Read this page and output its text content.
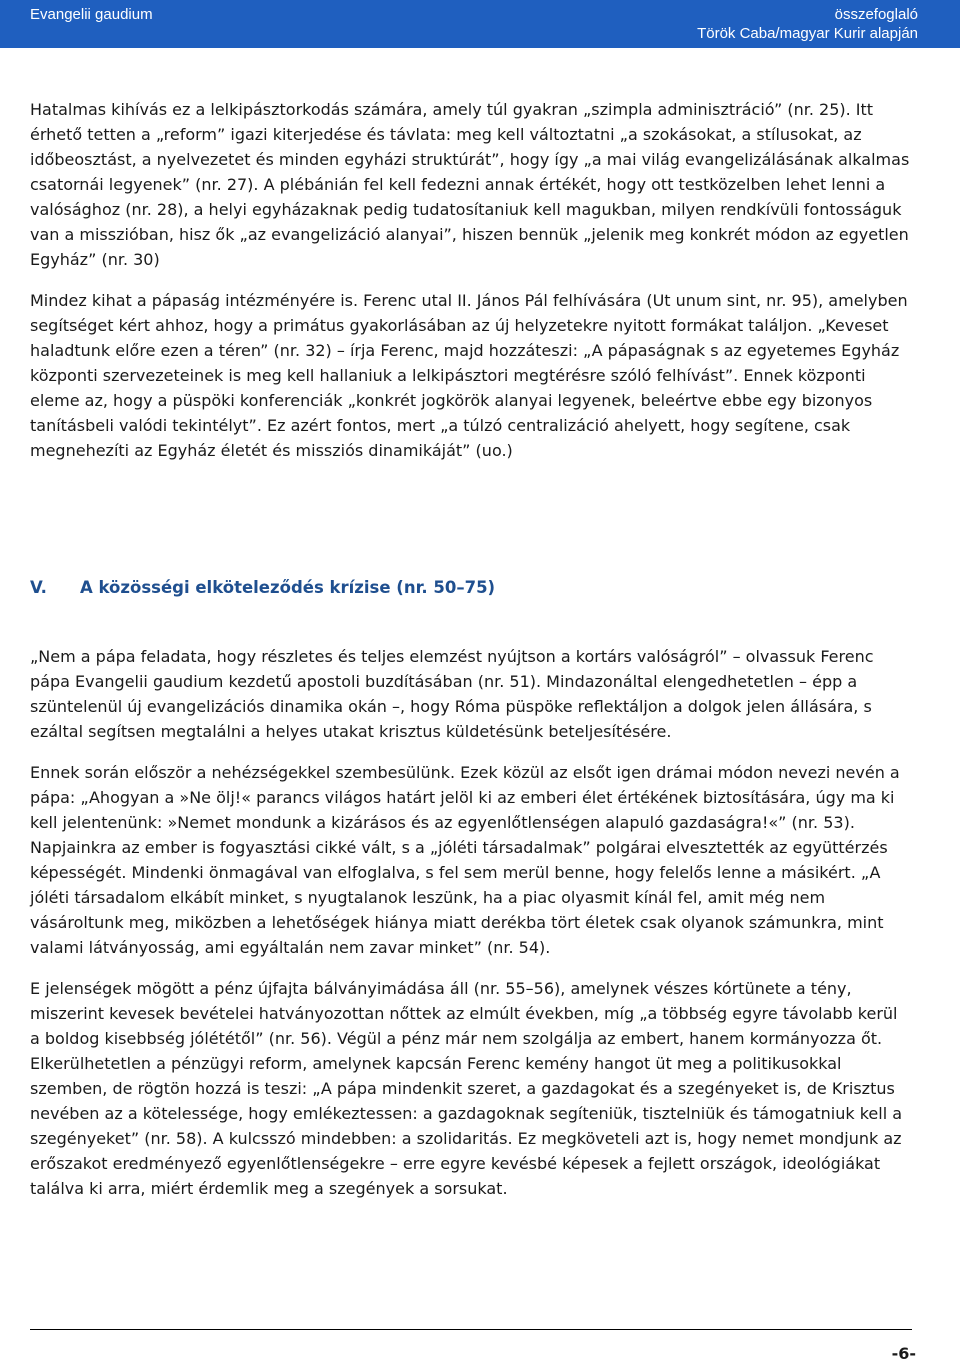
Evangelii gaudium	összefoglaló
Török Caba/magyar Kurir alapján

Hatalmas kihívás ez a lelkipásztorkodás számára, amely túl gyakran „szimpla adminisztráció” (nr. 25). Itt érhető tetten a „reform” igazi kiterjedése és távlata: meg kell változtatni „a szokásokat, a stílusokat, az időbeosztást, a nyelvezetet és minden egyházi struktúrát”, hogy így „a mai világ evangelizálásának alkalmas csatornái legyenek” (nr. 27). A plébánián fel kell fedezni annak értékét, hogy ott testközelben lehet lenni a valósághoz (nr. 28), a helyi egyházaknak pedig tudatosítaniuk kell magukban, milyen rendkívüli fontosságuk van a misszióban, hisz ők „az evangelizáció alanyai”, hiszen bennük „jelenik meg konkrét módon az egyetlen Egyház” (nr. 30)

Mindez kihat a pápaság intézményére is. Ferenc utal II. János Pál felhívására (Ut unum sint, nr. 95), amelyben segítséget kért ahhoz, hogy a primátus gyakorlásában az új helyzetekre nyitott formákat találjon. „Keveset haladtunk előre ezen a téren” (nr. 32) – írja Ferenc, majd hozzáteszi: „A pápaságnak s az egyetemes Egyház központi szervezeteinek is meg kell hallaniuk a lelkipásztori megtérésre szóló felhívást”. Ennek központi eleme az, hogy a püspöki konferenciák „konkrét jogkörök alanyai legyenek, beleértve ebbe egy bizonyos tanításbeli valódi tekintélyt”. Ez azért fontos, mert „a túlzó centralizáció ahelyett, hogy segítene, csak megnehezíti az Egyház életét és missziós dinamikáját” (uo.)

V. A közösségi elköteleződés krízise (nr. 50–75)

„Nem a pápa feladata, hogy részletes és teljes elemzést nyújtson a kortárs valóságról” – olvassuk Ferenc pápa Evangelii gaudium kezdetű apostoli buzdításában (nr. 51). Mindazonáltal elengedhetetlen – épp a szüntelenül új evangelizációs dinamika okán –, hogy Róma püspöke reflektáljon a dolgok jelen állására, s ezáltal segítsen megtalálni a helyes utakat krisztus küldetésünk beteljesítésére.

Ennek során először a nehézségekkel szembesülünk. Ezek közül az elsőt igen drámai módon nevezi nevén a pápa: „Ahogyan a »Ne ölj!« parancs világos határt jelöl ki az emberi élet értékének biztosítására, úgy ma ki kell jelentenünk: »Nemet mondunk a kizárásos és az egyenlőtlenségen alapuló gazdaságra!«” (nr. 53). Napjainkra az ember is fogyasztási cikké vált, s a „jóléti társadalmak” polgárai elvesztették az együttérzés képességét. Mindenki önmagával van elfoglalva, s fel sem merül benne, hogy felelős lenne a másikért. „A jóléti társadalom elkábít minket, s nyugtalanok leszünk, ha a piac olyasmit kínál fel, amit még nem vásároltunk meg, miközben a lehetőségek hiánya miatt derékba tört életek csak olyanok számunkra, mint valami látványosság, ami egyáltalán nem zavar minket” (nr. 54).

E jelenségek mögött a pénz újfajta bálványimádása áll (nr. 55–56), amelynek vészes kórtünete a tény, miszerint kevesek bevételei hatványozottan nőttek az elmúlt években, míg „a többség egyre távolabb kerül a boldog kisebbség jólététől” (nr. 56). Végül a pénz már nem szolgálja az embert, hanem kormányozza őt. Elkerülhetetlen a pénzügyi reform, amelynek kapcsán Ferenc kemény hangot üt meg a politikusokkal szemben, de rögtön hozzá is teszi: „A pápa mindenkit szeret, a gazdagokat és a szegényeket is, de Krisztus nevében az a kötelessége, hogy emlékeztessen: a gazdagoknak segíteniük, tisztelniük és támogatniuk kell a szegényeket” (nr. 58). A kulcsszó mindebben: a szolidaritás. Ez megköveteli azt is, hogy nemet mondjunk az erőszakot eredményező egyenlőtlenségekre – erre egyre kevésbé képesek a fejlett országok, ideológiákat találva ki arra, miért érdemlik meg a szegények a sorsukat.

-6-
